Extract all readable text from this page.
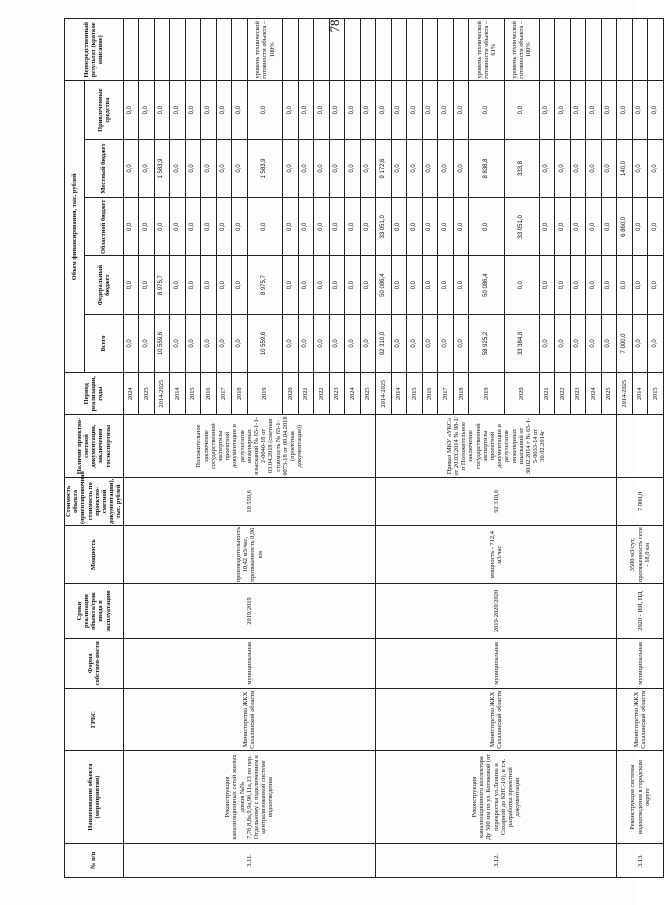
78
№ п/п	Наименование объекта (мероприятия)	ГРБС	Форма собствен-ности	Сроки реализации объекта/срок ввода в эксплуатацию	Мощность	Стоимость объекта (ориентировочная стоимость по проектно-сметной документации), тыс. рублей	Наличие проектно-сметной документации, заключения госэкспертизы	Период реализации, годы	Объем финансирования, тыс. рублей					Непосредственный результат (краткое описание)
									Всего	Федеральный бюджет	Областной бюджет	Местный бюджет	Привлеченные средства	
3.11.	Реконструкция канализационных сетей жилых домов №№ 7,7б,8,8а,9,9а,9б,11а,13 по пер. Отдельному с подключением к централизованной системе водоотведения	Министерство ЖКХ Сахалинской области	муниципальная	2019/2019	производительность 10,42 м3/час, протяженность 0,96 км	10 559,6	Положительное заключение государственной экспертизы проектной документации и результатов инженерных изысканий № 65-1-1-2-0040-18 от 03.04.2018 (сметная стоимость № 65-1-0073-18 от 09.04.2018 (проектная документация))	2024	0,0	0,0	0,0	0,0	0,0	
								2025	0,0	0,0	0,0	0,0	0,0	
								2014-2025	10 559,6	8 975,7	0,0	1 583,9	0,0	
								2014	0,0	0,0	0,0	0,0	0,0	
								2015	0,0	0,0	0,0	0,0	0,0	
								2016	0,0	0,0	0,0	0,0	0,0	
								2017	0,0	0,0	0,0	0,0	0,0	
								2018	0,0	0,0	0,0	0,0	0,0	
								2019	10 559,6	8 975,7	0,0	1 583,9	0,0	уровень технической готовности объекта – 100%
								2020	0,0	0,0	0,0	0,0	0,0	
								2021	0,0	0,0	0,0	0,0	0,0	
								2022	0,0	0,0	0,0	0,0	0,0	
								2023	0,0	0,0	0,0	0,0	0,0	
								2024	0,0	0,0	0,0	0,0	0,0	
								2025	0,0	0,0	0,0	0,0	0,0	
3.12.	Реконструкция канализационного коллектора Ду 500 мм по ул. Котиковой (от перекрестка ул.Ленина и Сахарной до КНС-10), в т.ч. разработка проектной документации	Министерство ЖКХ Сахалинской области	муниципальная	2019-2020/2020	мощность - 712,4 м3/час	92 310,0	Приказ МКУ «УКС» от 20.03.2014 № 98-1/п Положительное заключение государственной экспертизы проектной документации и результатов инженерных изысканий от 30.02.2014 г № 65-1-5-0033-14 от 30.02.2014г	2014-2025	92 310,0	50 086,4	33 051,0	9 172,6	0,0	
								2014	0,0	0,0	0,0	0,0	0,0	
								2015	0,0	0,0	0,0	0,0	0,0	
								2016	0,0	0,0	0,0	0,0	0,0	
								2017	0,0	0,0	0,0	0,0	0,0	
								2018	0,0	0,0	0,0	0,0	0,0	
								2019	58 925,2	50 086,4	0,0	8 838,8	0,0	уровень технической готовности объекта – 61%
								2020	33 384,8	0,0	33 051,0	333,8	0,0	уровень технической готовности объекта – 100%
								2021	0,0	0,0	0,0	0,0	0,0	
								2022	0,0	0,0	0,0	0,0	0,0	
								2023	0,0	0,0	0,0	0,0	0,0	
								2024	0,0	0,0	0,0	0,0	0,0	
								2025	0,0	0,0	0,0	0,0	0,0	
3.13.	Реконструкция системы водоотведения в городском округе	Министерство ЖКХ Сахалинской области	муниципальная	2020 - ИИ, ПД	3500 м3/сут, протяженность сети - 18,0 км	7 000,0		2014-2025	7 000,0	0,0	6 860,0	140,0	0,0	
								2014	0,0	0,0	0,0	0,0	0,0	
								2015	0,0	0,0	0,0	0,0	0,0	
